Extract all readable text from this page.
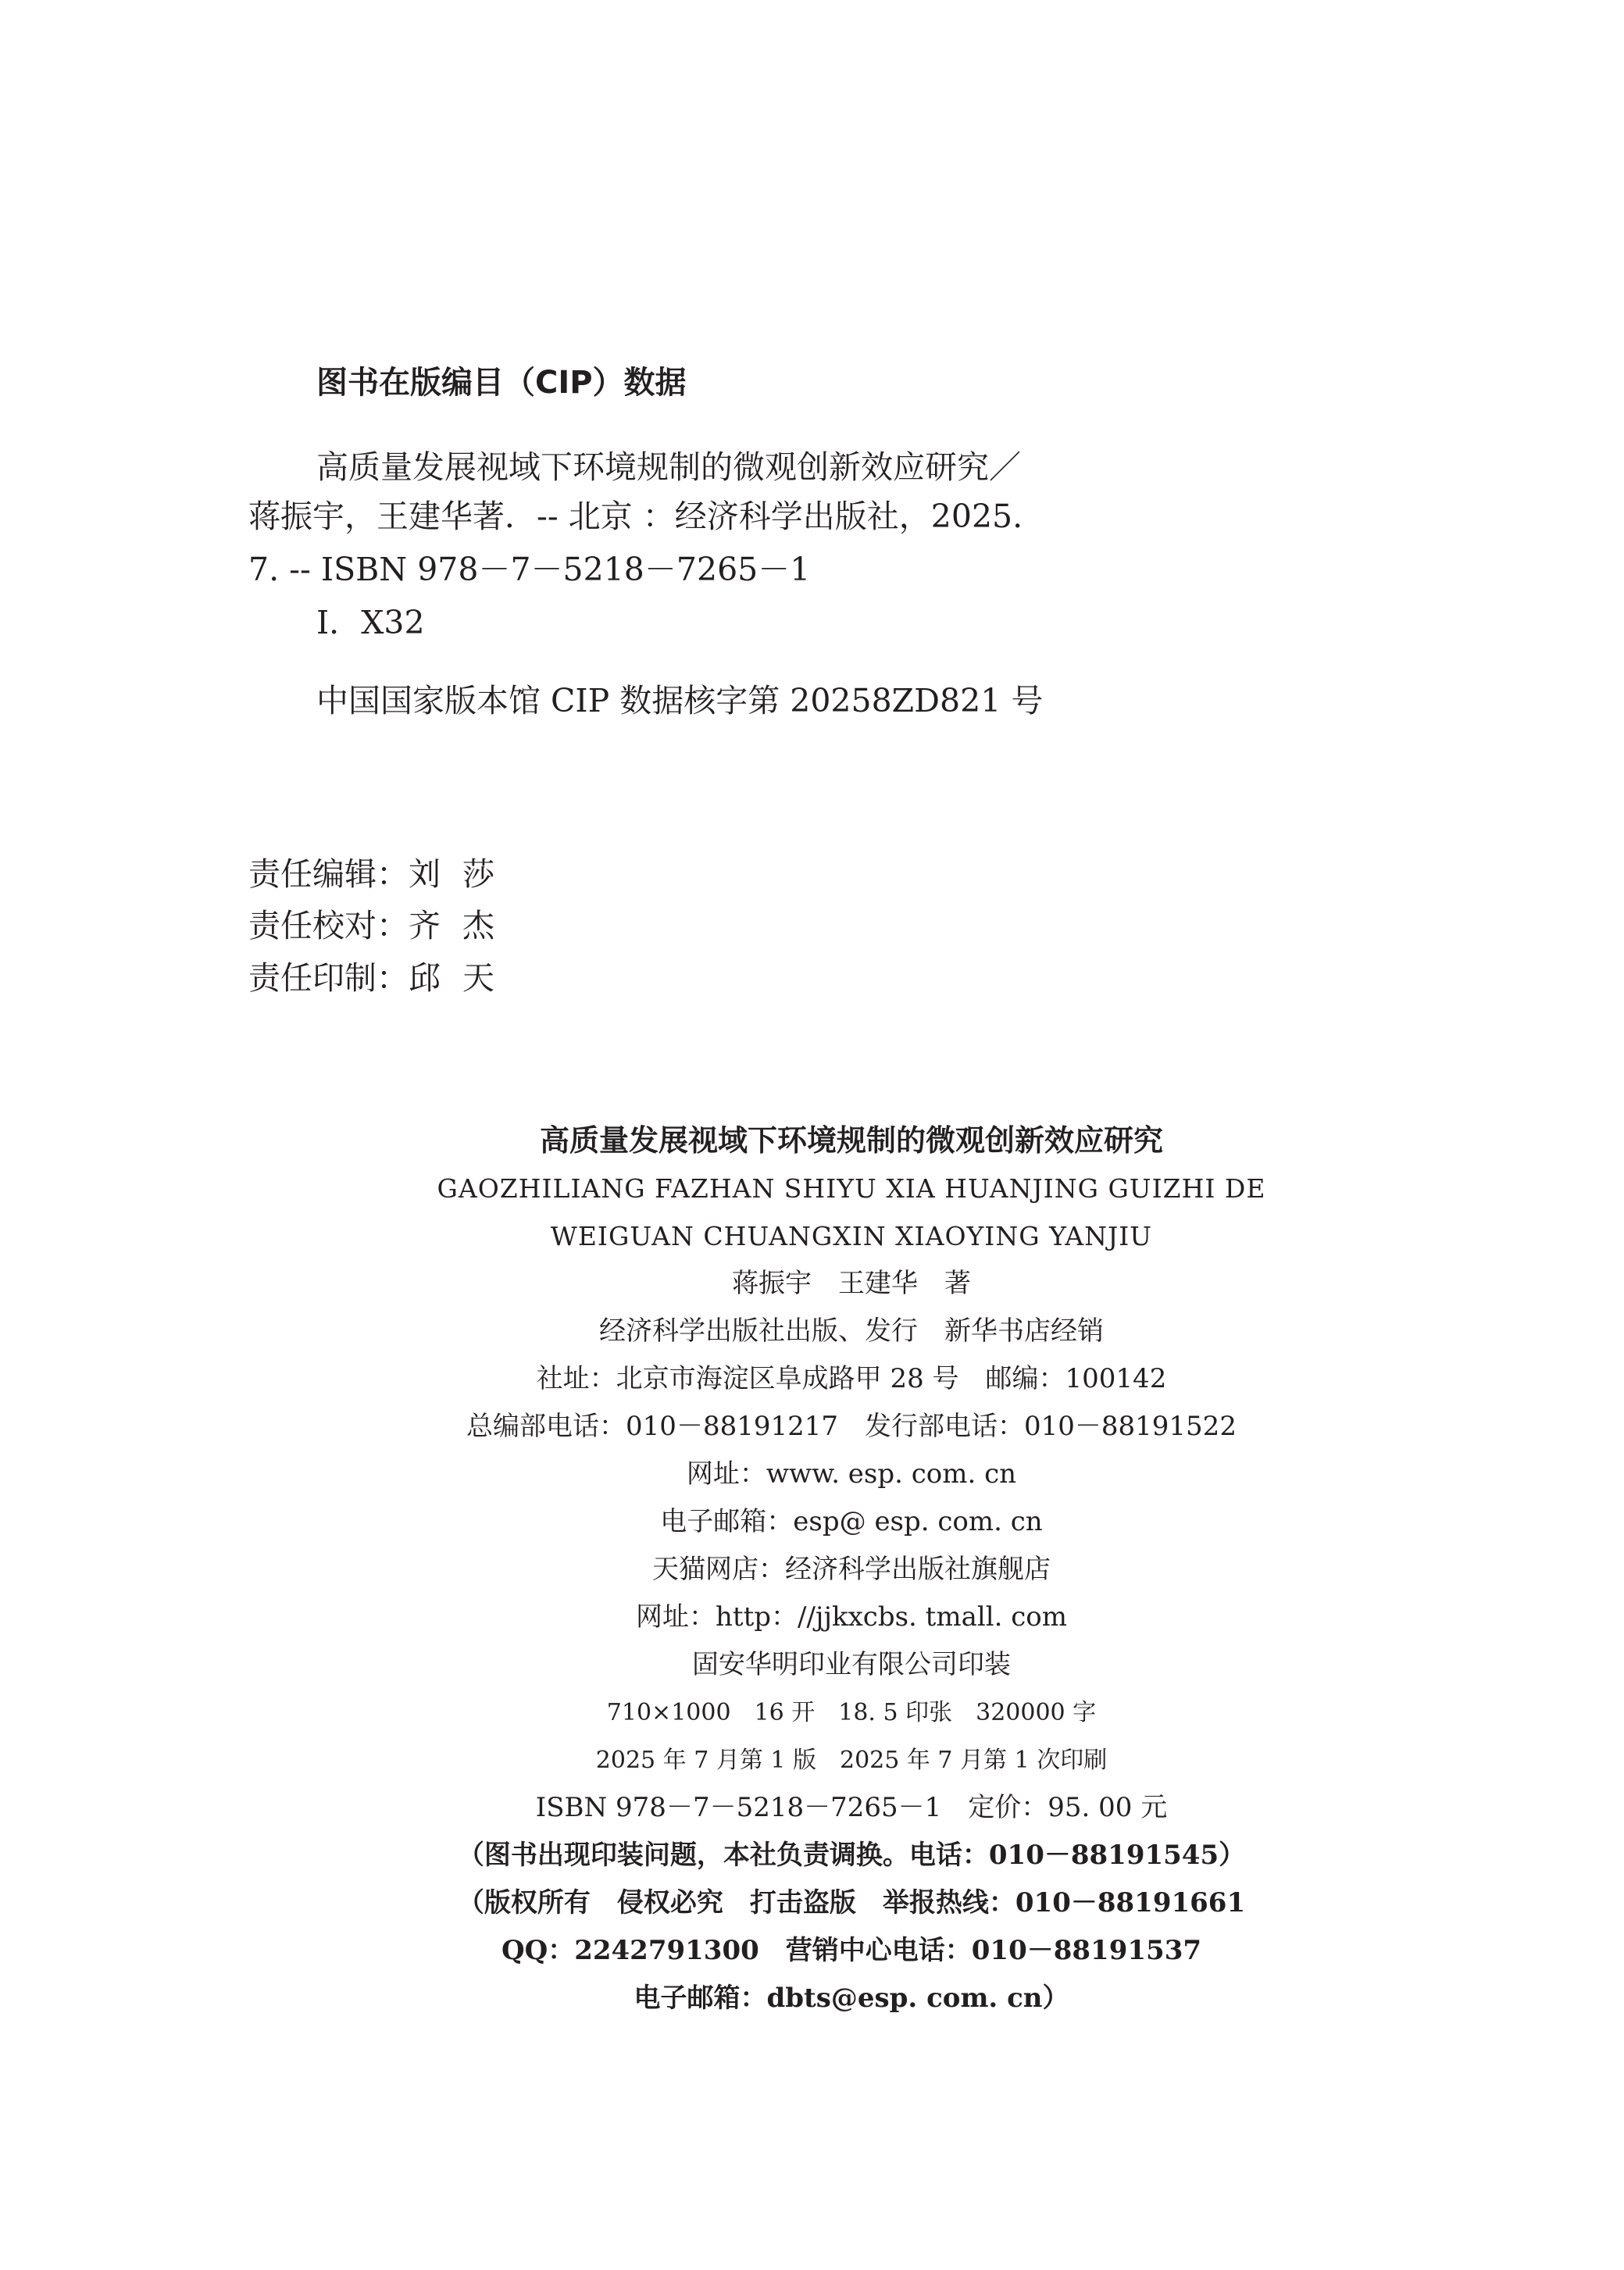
图书在版编目（CIP）数据
高质量发展视域下环境规制的微观创新效应研究／
蒋振宇，王建华著．-- 北京 ：经济科学出版社，2025.
7. -- ISBN 978－7－5218－7265－1
Ⅰ．X32
中国国家版本馆 CIP 数据核字第 20258ZD821 号
责任编辑：刘莎
责任校对：齐杰
责任印制：邱天
高质量发展视域下环境规制的微观创新效应研究
GAOZHILIANG FAZHAN SHIYU XIA HUANJING GUIZHI DE
WEIGUAN CHUANGXIN XIAOYING YANJIU
蒋振宇　王建华　著
经济科学出版社出版、发行　新华书店经销
社址：北京市海淀区阜成路甲 28 号　邮编：100142
总编部电话：010－88191217　发行部电话：010－88191522
网址：www. esp. com. cn
电子邮箱：esp@ esp. com. cn
天猫网店：经济科学出版社旗舰店
网址：http：//jjkxcbs. tmall. com
固安华明印业有限公司印装
710×1000　16 开　18. 5 印张　320000 字
2025 年 7 月第 1 版　2025 年 7 月第 1 次印刷
ISBN 978－7－5218－7265－1　定价：95. 00 元
（图书出现印装问题，本社负责调换。电话：010－88191545）
（版权所有　侵权必究　打击盗版　举报热线：010－88191661
QQ：2242791300　营销中心电话：010－88191537
电子邮箱：dbts@esp. com. cn）
